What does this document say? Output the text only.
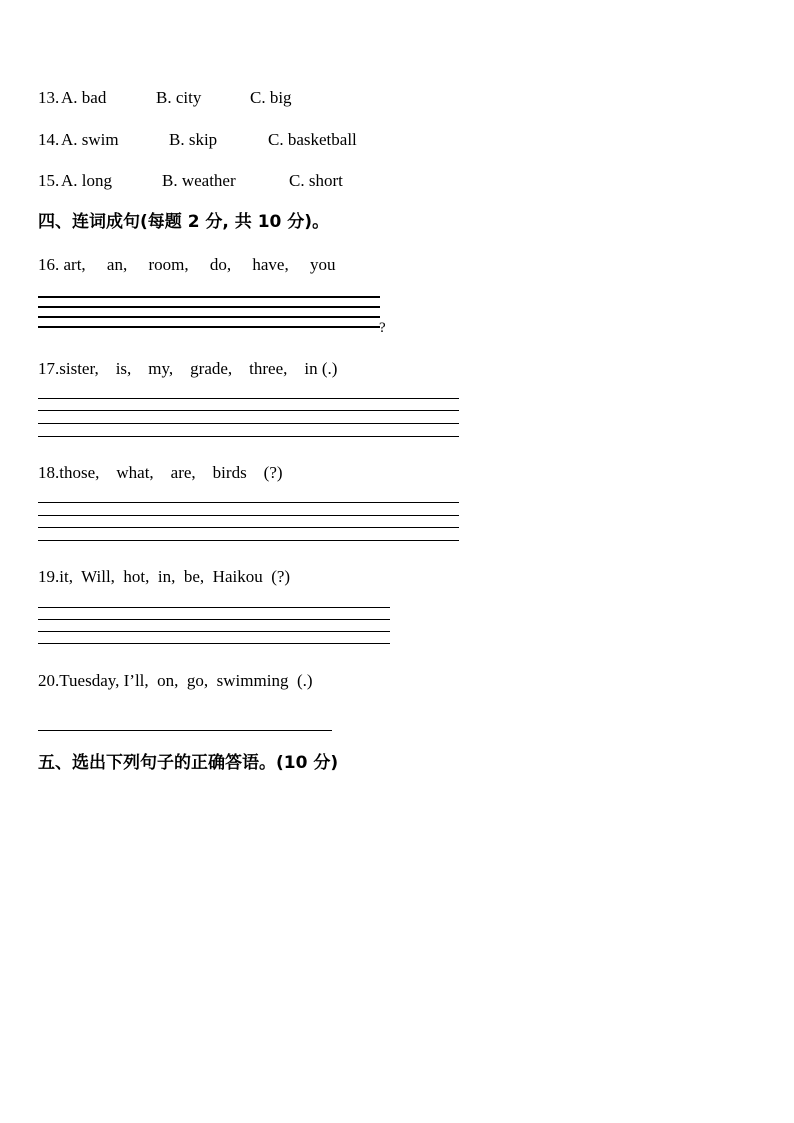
13. A. bad	B. city	C. big
14. A. swim	B. skip	C. basketball
15. A. long	B. weather	C. short
四、连词成句(每题 2 分, 共 10 分)。
16. art,     an,     room,     do,     have,     you
?
17.sister,    is,    my,    grade,    three,    in (.)
18.those,    what,    are,    birds    (?)
19.it,  Will,  hot,  in,  be,  Haikou  (?)
20.Tuesday, I’ll,  on,  go,  swimming  (.)
五、选出下列句子的正确答语。(10 分)
